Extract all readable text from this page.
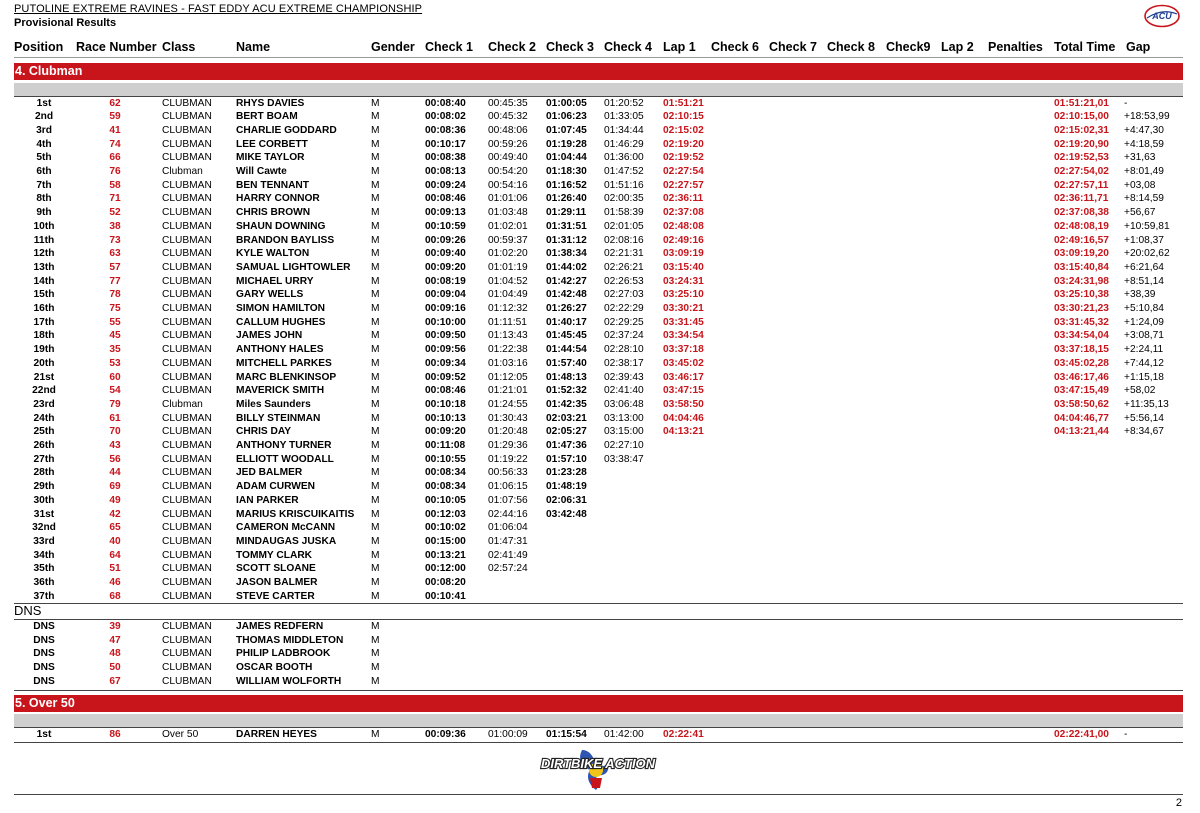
PUTOLINE EXTREME RAVINES - FAST EDDY ACU EXTREME CHAMPIONSHIP
Provisional Results
ACU
Position Race Number Class	Name	Gender Check 1 Check 2 Check 3 Check 4 Lap 1 Check 6 Check 7 Check 8 Check9 Lap 2 Penalties Total Time Gap
4. Clubman
1st	62	CLUBMAN RHYS DAVIES	M	00:08:40 00:45:35 01:00:05 01:20:52 01:51:21	01:51:21,01 -
2nd	59	CLUBMAN BERT BOAM	M	00:08:02 00:45:32 01:06:23 01:33:05 02:10:15	02:10:15,00 +18:53,99
3rd	41	CLUBMAN CHARLIE GODDARD	M	00:08:36 00:48:06 01:07:45 01:34:44 02:15:02	02:15:02,31 +4:47,30
4th	74	CLUBMAN LEE CORBETT	M	00:10:17 00:59:26 01:19:28 01:46:29 02:19:20	02:19:20,90 +4:18,59
5th	66	CLUBMAN MIKE TAYLOR	M	00:08:38 00:49:40 01:04:44 01:36:00 02:19:52	02:19:52,53 +31,63
6th	76	Clubman	Will Cawte	M	00:08:13 00:54:20 01:18:30 01:47:52 02:27:54	02:27:54,02 +8:01,49
7th	58	CLUBMAN BEN TENNANT	M	00:09:24 00:54:16 01:16:52 01:51:16 02:27:57	02:27:57,11 +03,08
8th	71	CLUBMAN HARRY CONNOR	M	00:08:46 01:01:06 01:26:40 02:00:35 02:36:11	02:36:11,71 +8:14,59
9th	52	CLUBMAN CHRIS BROWN	M	00:09:13 01:03:48 01:29:11 01:58:39 02:37:08	02:37:08,38 +56,67
10th	38	CLUBMAN SHAUN DOWNING	M	00:10:59 01:02:01 01:31:51 02:01:05 02:48:08	02:48:08,19 +10:59,81
11th	73	CLUBMAN BRANDON BAYLISS	M	00:09:26 00:59:37 01:31:12 02:08:16 02:49:16	02:49:16,57 +1:08,37
12th	63	CLUBMAN KYLE WALTON	M	00:09:40 01:02:20 01:38:34 02:21:31 03:09:19	03:09:19,20 +20:02,62
13th	57	CLUBMAN SAMUAL LIGHTOWLER M	00:09:20 01:01:19 01:44:02 02:26:21 03:15:40	03:15:40,84 +6:21,64
14th	77	CLUBMAN MICHAEL URRY	M	00:08:19 01:04:52 01:42:27 02:26:53 03:24:31	03:24:31,98 +8:51,14
15th	78	CLUBMAN GARY WELLS	M	00:09:04 01:04:49 01:42:48 02:27:03 03:25:10	03:25:10,38 +38,39
16th	75	CLUBMAN SIMON HAMILTON	M	00:09:16 01:12:32 01:26:27 02:22:29 03:30:21	03:30:21,23 +5:10,84
17th	55	CLUBMAN CALLUM HUGHES	M	00:10:00 01:11:51 01:40:17 02:29:25 03:31:45	03:31:45,32 +1:24,09
18th	45	CLUBMAN JAMES JOHN	M	00:09:50 01:13:43 01:45:45 02:37:24 03:34:54	03:34:54,04 +3:08,71
19th	35	CLUBMAN ANTHONY HALES	M	00:09:56 01:22:38 01:44:54 02:28:10 03:37:18	03:37:18,15 +2:24,11
20th	53	CLUBMAN MITCHELL PARKES	M	00:09:34 01:03:16 01:57:40 02:38:17 03:45:02	03:45:02,28 +7:44,12
21st	60	CLUBMAN MARC BLENKINSOP	M	00:09:52 01:12:05 01:48:13 02:39:43 03:46:17	03:46:17,46 +1:15,18
22nd	54	CLUBMAN MAVERICK SMITH	M	00:08:46 01:21:01 01:52:32 02:41:40 03:47:15	03:47:15,49 +58,02
23rd	79	Clubman	Miles Saunders	M	00:10:18 01:24:55 01:42:35 03:06:48 03:58:50	03:58:50,62 +11:35,13
24th	61	CLUBMAN BILLY STEINMAN	M	00:10:13 01:30:43 02:03:21 03:13:00 04:04:46	04:04:46,77 +5:56,14
25th	70	CLUBMAN CHRIS DAY	M	00:09:20 01:20:48 02:05:27 03:15:00 04:13:21	04:13:21,44 +8:34,67
26th	43	CLUBMAN ANTHONY TURNER	M	00:11:08 01:29:36 01:47:36 02:27:10
27th	56	CLUBMAN ELLIOTT WOODALL	M	00:10:55 01:19:22 01:57:10 03:38:47
28th	44	CLUBMAN JED BALMER	M	00:08:34 00:56:33 01:23:28
29th	69	CLUBMAN ADAM CURWEN	M	00:08:34 01:06:15 01:48:19
30th	49	CLUBMAN IAN PARKER	M	00:10:05 01:07:56 02:06:31
31st	42	CLUBMAN MARIUS KRISCUIKAITIS M	00:12:03 02:44:16 03:42:48
32nd	65	CLUBMAN CAMERON McCANN	M	00:10:02 01:06:04
33rd	40	CLUBMAN MINDAUGAS JUSKA	M	00:15:00 01:47:31
34th	64	CLUBMAN TOMMY CLARK	M	00:13:21 02:41:49
35th	51	CLUBMAN SCOTT SLOANE	M	00:12:00 02:57:24
36th	46	CLUBMAN JASON BALMER	M	00:08:20
37th	68	CLUBMAN STEVE CARTER	M	00:10:41
DNS
DNS	39	CLUBMAN JAMES REDFERN	M
DNS	47	CLUBMAN THOMAS MIDDLETON	M
DNS	48	CLUBMAN PHILIP LADBROOK	M
DNS	50	CLUBMAN OSCAR BOOTH	M
DNS	67	CLUBMAN WILLIAM WOLFORTH	M
5. Over 50
1st	86	Over 50	DARREN HEYES	M	00:09:36 01:00:09 01:15:54 01:42:00 02:22:41	02:22:41,00 -
DIRTBIKE ACTION
2
